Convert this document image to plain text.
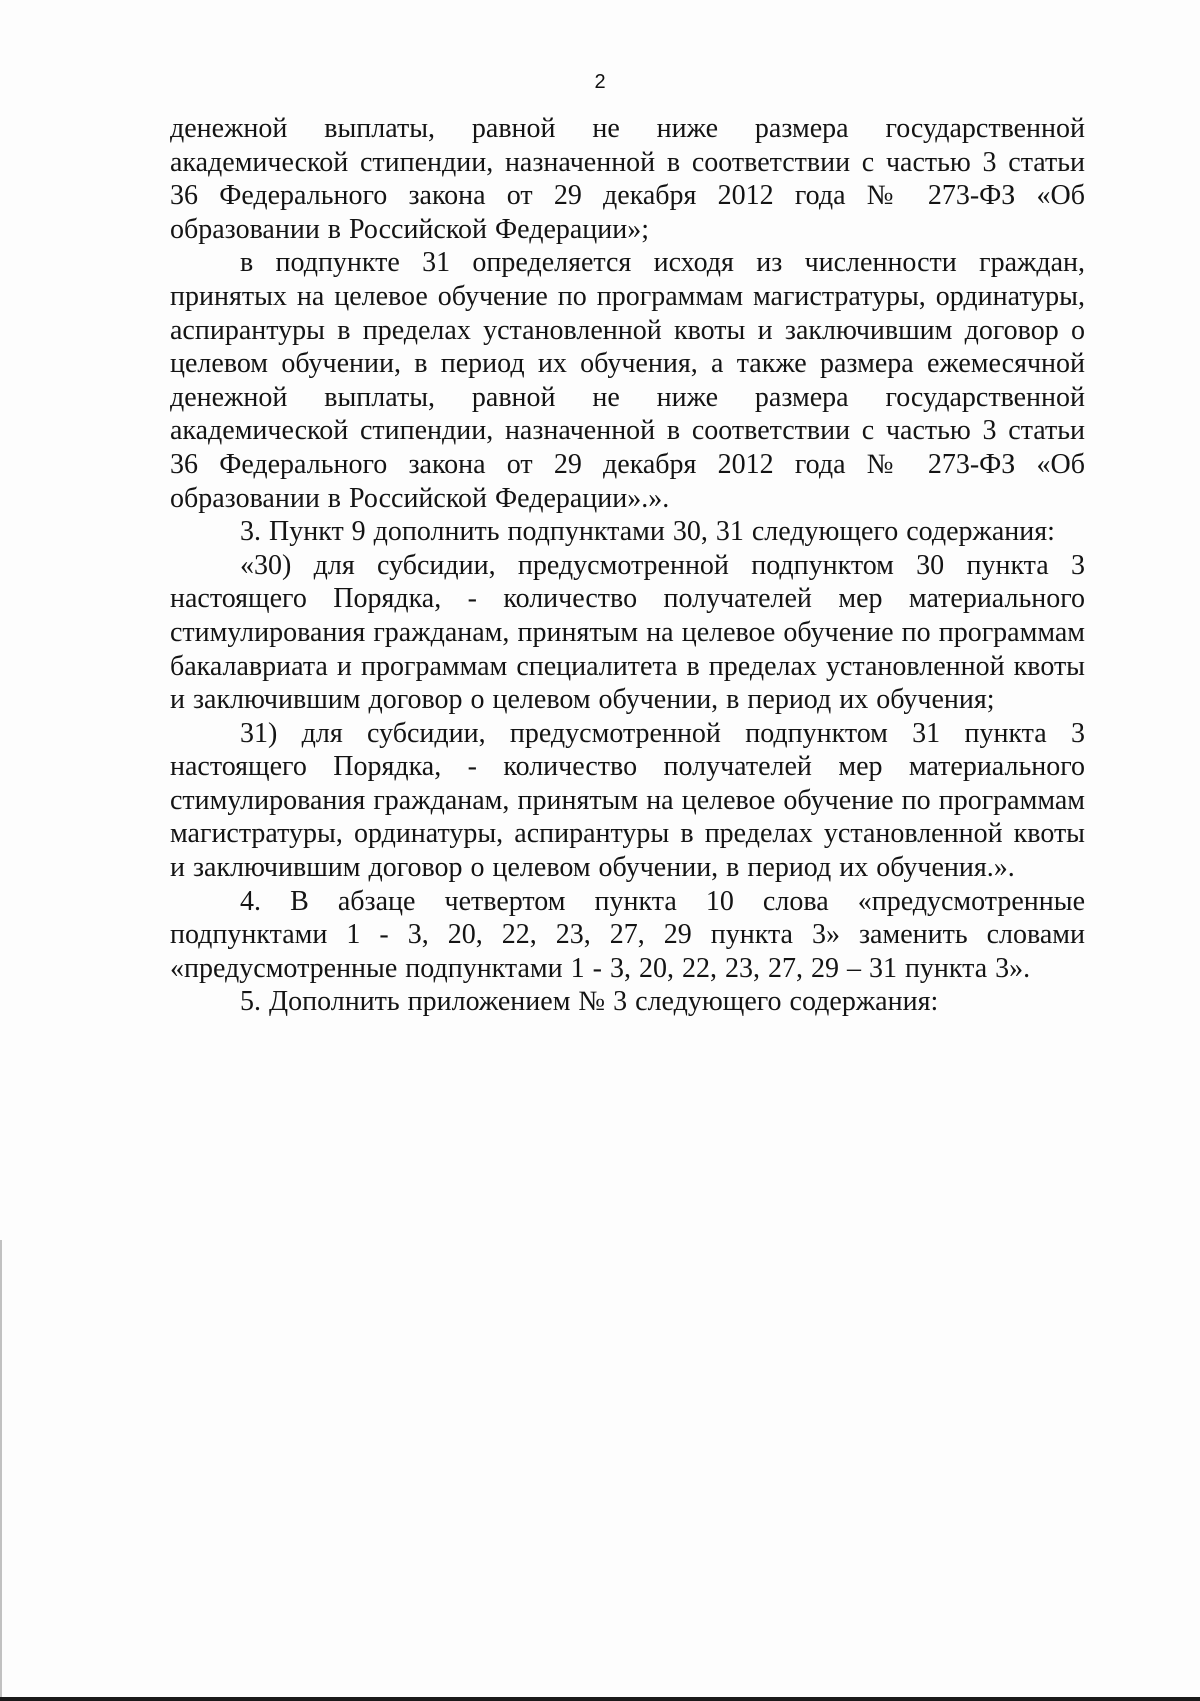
2

денежной выплаты, равной не ниже размера государственной академической стипендии, назначенной в соответствии с частью 3 статьи 36 Федерального закона от 29 декабря 2012 года № 273-ФЗ «Об образовании в Российской Федерации»;

в подпункте 31 определяется исходя из численности граждан, принятых на целевое обучение по программам магистратуры, ординатуры, аспирантуры в пределах установленной квоты и заключившим договор о целевом обучении, в период их обучения, а также размера ежемесячной денежной выплаты, равной не ниже размера государственной академической стипендии, назначенной в соответствии с частью 3 статьи 36 Федерального закона от 29 декабря 2012 года № 273-ФЗ «Об образовании в Российской Федерации».».

3. Пункт 9 дополнить подпунктами 30, 31 следующего содержания:

«30) для субсидии, предусмотренной подпунктом 30 пункта 3 настоящего Порядка, - количество получателей мер материального стимулирования гражданам, принятым на целевое обучение по программам бакалавриата и программам специалитета в пределах установленной квоты и заключившим договор о целевом обучении, в период их обучения;

31) для субсидии, предусмотренной подпунктом 31 пункта 3 настоящего Порядка, - количество получателей мер материального стимулирования гражданам, принятым на целевое обучение по программам магистратуры, ординатуры, аспирантуры в пределах установленной квоты и заключившим договор о целевом обучении, в период их обучения.».

4. В абзаце четвертом пункта 10 слова «предусмотренные подпунктами 1 - 3, 20, 22, 23, 27, 29 пункта 3» заменить словами «предусмотренные подпунктами 1 - 3, 20, 22, 23, 27, 29 – 31 пункта 3».

5. Дополнить приложением № 3 следующего содержания:
